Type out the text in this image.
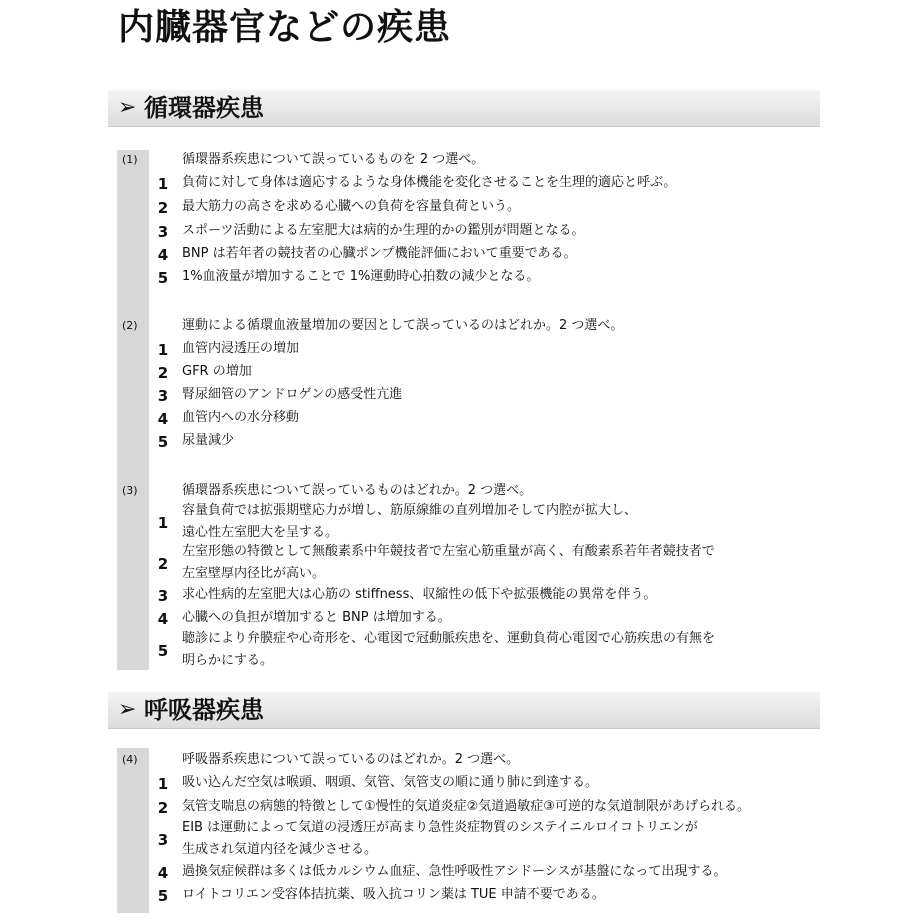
内臓器官などの疾患
➢ 循環器疾患
(1)	循環器系疾患について誤っているものを 2 つ選べ。
1 負荷に対して身体は適応するような身体機能を変化させることを生理的適応と呼ぶ。
2 最大筋力の高さを求める心臓への負荷を容量負荷という。
3 スポーツ活動による左室肥大は病的か生理的かの鑑別が問題となる。
4 BNP は若年者の競技者の心臓ポンプ機能評価において重要である。
5 1%血液量が増加することで 1%運動時心拍数の減少となる。
(2)	運動による循環血液量増加の要因として誤っているのはどれか。2 つ選べ。
1 血管内浸透圧の増加
2 GFR の増加
3 腎尿細管のアンドロゲンの感受性亢進
4 血管内への水分移動
5 尿量減少
(3)	循環器系疾患について誤っているものはどれか。2 つ選べ。
1
容量負荷では拡張期壁応力が増し、筋原線維の直列増加そして内腔が拡大し、
遠心性左室肥大を呈する。
2
左室形態の特徴として無酸素系中年競技者で左室心筋重量が高く、有酸素系若年者競技者で
左室壁厚内径比が高い。
3 求心性病的左室肥大は心筋の stiffness、収縮性の低下や拡張機能の異常を伴う。
4 心臓への負担が増加すると BNP は増加する。
5
聴診により弁膜症や心奇形を、心電図で冠動脈疾患を、運動負荷心電図で心筋疾患の有無を
明らかにする。
➢ 呼吸器疾患
(4)	呼吸器系疾患について誤っているのはどれか。2 つ選べ。
1 吸い込んだ空気は喉頭、咽頭、気管、気管支の順に通り肺に到達する。
2 気管支喘息の病態的特徴として①慢性的気道炎症②気道過敏症③可逆的な気道制限があげられる。
3
EIB は運動によって気道の浸透圧が高まり急性炎症物質のシステイニルロイコトリエンが
生成され気道内径を減少させる。
4 過換気症候群は多くは低カルシウム血症、急性呼吸性アシドーシスが基盤になって出現する。
5 ロイトコリエン受容体拮抗薬、吸入抗コリン薬は TUE 申請不要である。
